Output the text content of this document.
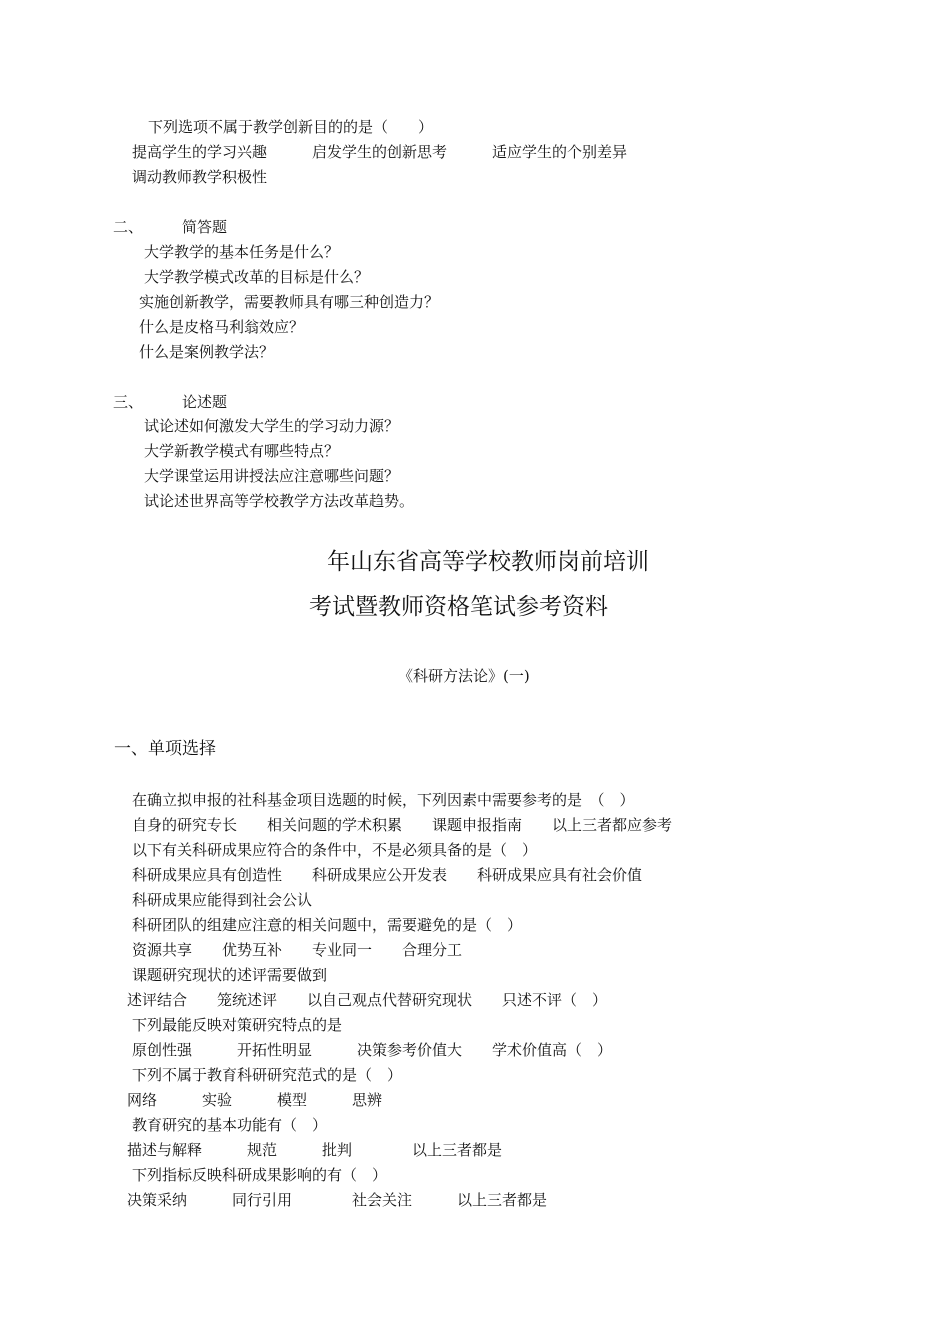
下列选项不属于教学创新目的的是（　　）
提高学生的学习兴趣　　　启发学生的创新思考　　　适应学生的个别差异
调动教师教学积极性
二、	简答题
大学教学的基本任务是什么？
大学教学模式改革的目标是什么？
实施创新教学，需要教师具有哪三种创造力？
什么是皮格马利翁效应？
什么是案例教学法？
三、	论述题
试论述如何激发大学生的学习动力源？
大学新教学模式有哪些特点？
大学课堂运用讲授法应注意哪些问题？
试论述世界高等学校教学方法改革趋势。
年山东省高等学校教师岗前培训
考试暨教师资格笔试参考资料
《科研方法论》(一)
一、单项选择
在确立拟申报的社科基金项目选题的时候，下列因素中需要参考的是　（　）
自身的研究专长　　相关问题的学术积累　　课题申报指南　　以上三者都应参考
以下有关科研成果应符合的条件中，不是必须具备的是（　）
科研成果应具有创造性　　科研成果应公开发表　　科研成果应具有社会价值
科研成果应能得到社会公认
科研团队的组建应注意的相关问题中，需要避免的是（　）
资源共享　　优势互补　　专业同一　　合理分工
课题研究现状的述评需要做到
述评结合　　笼统述评　　以自己观点代替研究现状　　只述不评（　）
下列最能反映对策研究特点的是
原创性强　　　开拓性明显　　　决策参考价值大　　学术价值高（　）
下列不属于教育科研研究范式的是（　）
网络　　　实验　　　模型　　　思辨
教育研究的基本功能有（　）
描述与解释　　　规范　　　批判　　　　以上三者都是
下列指标反映科研成果影响的有（　）
决策采纳　　　同行引用　　　　社会关注　　　以上三者都是
